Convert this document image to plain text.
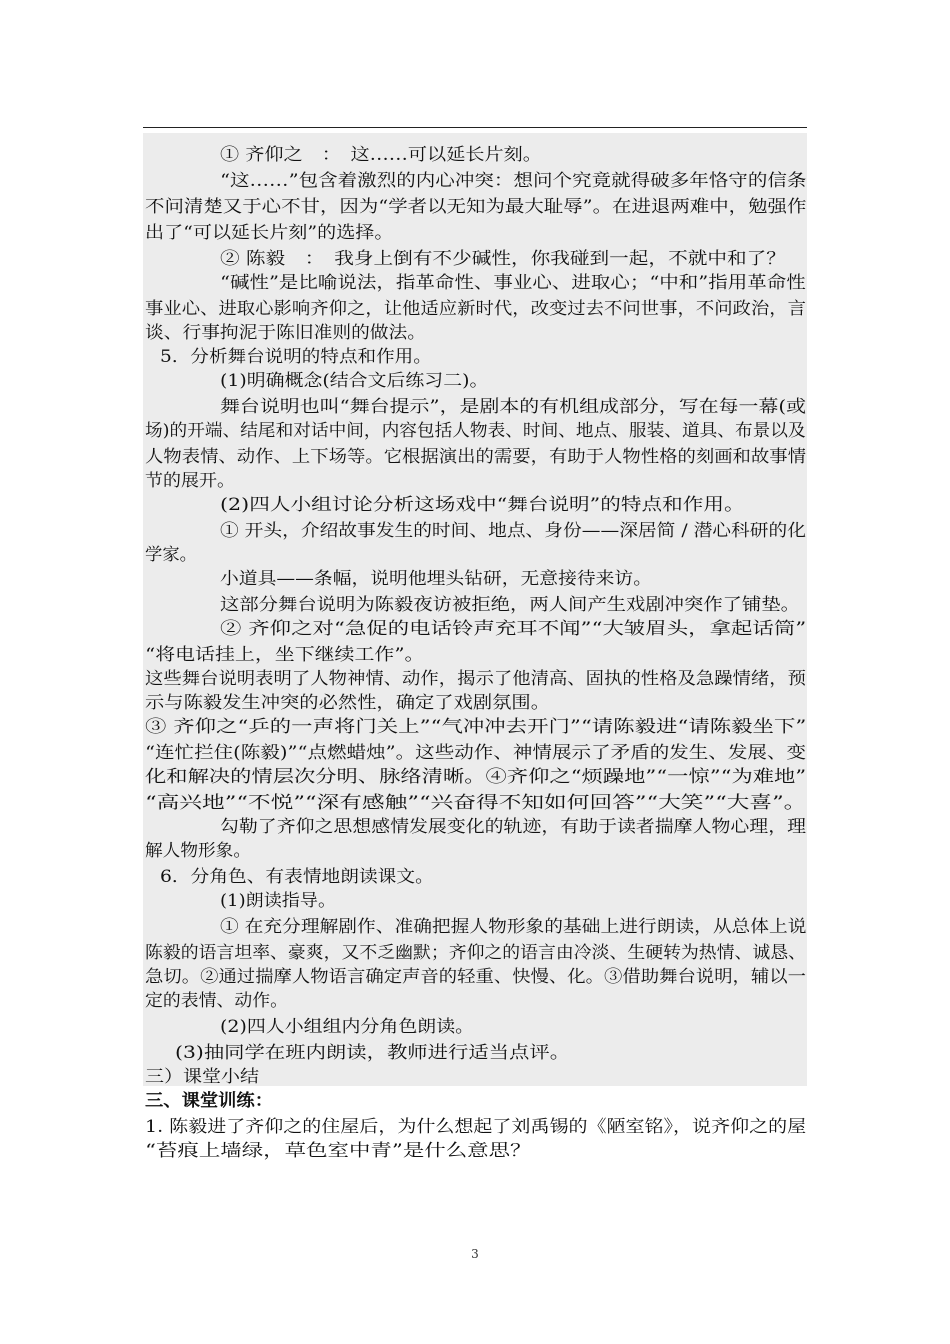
① 齐仰之　：　这……可以延长片刻。
“这……”包含着激烈的内心冲突：想问个究竟就得破多年恪守的信条
不问清楚又于心不甘，因为“学者以无知为最大耻辱”。在进退两难中，勉强作
出了“可以延长片刻”的选择。
② 陈毅　：　我身上倒有不少碱性，你我碰到一起，不就中和了？
“碱性”是比喻说法，指革命性、事业心、进取心；“中和”指用革命性
事业心、进取心影响齐仰之，让他适应新时代，改变过去不问世事，不问政治，言
谈、行事拘泥于陈旧准则的做法。
5．分析舞台说明的特点和作用。
(1)明确概念(结合文后练习二)。
舞台说明也叫“舞台提示”，是剧本的有机组成部分，写在每一幕(或
场)的开端、结尾和对话中间，内容包括人物表、时间、地点、服装、道具、布景以及
人物表情、动作、上下场等。它根据演出的需要，有助于人物性格的刻画和故事情
节的展开。
(2)四人小组讨论分析这场戏中“舞台说明”的特点和作用。
① 开头，介绍故事发生的时间、地点、身份——深居简 / 潜心科研的化
学家。
小道具——条幅，说明他埋头钻研，无意接待来访。
这部分舞台说明为陈毅夜访被拒绝，两人间产生戏剧冲突作了铺垫。
② 齐仰之对“急促的电话铃声充耳不闻”“大皱眉头，拿起话筒”
“将电话挂上，坐下继续工作”。
这些舞台说明表明了人物神情、动作，揭示了他清高、固执的性格及急躁情绪，预
示与陈毅发生冲突的必然性，确定了戏剧氛围。
③ 齐仰之“乒的一声将门关上”“气冲冲去开门”“请陈毅进“请陈毅坐下”
“连忙拦住(陈毅)”“点燃蜡烛”。这些动作、神情展示了矛盾的发生、发展、变
化和解决的情层次分明、脉络清晰。④齐仰之“烦躁地”“一惊”“为难地”
“高兴地”“不悦”“深有感触”“兴奋得不知如何回答”“大笑”“大喜”。
勾勒了齐仰之思想感情发展变化的轨迹，有助于读者揣摩人物心理，理
解人物形象。
6．分角色、有表情地朗读课文。
(1)朗读指导。
① 在充分理解剧作、准确把握人物形象的基础上进行朗读，从总体上说
陈毅的语言坦率、豪爽，又不乏幽默；齐仰之的语言由冷淡、生硬转为热情、诚恳、
急切。②通过揣摩人物语言确定声音的轻重、快慢、化。③借助舞台说明，辅以一
定的表情、动作。
(2)四人小组组内分角色朗读。
(3)抽同学在班内朗读，教师进行适当点评。
三）课堂小结
三、课堂训练：
1. 陈毅进了齐仰之的住屋后，为什么想起了刘禹锡的《陋室铭》，说齐仰之的屋
“苔痕上墙绿，草色室中青”是什么意思？
3
